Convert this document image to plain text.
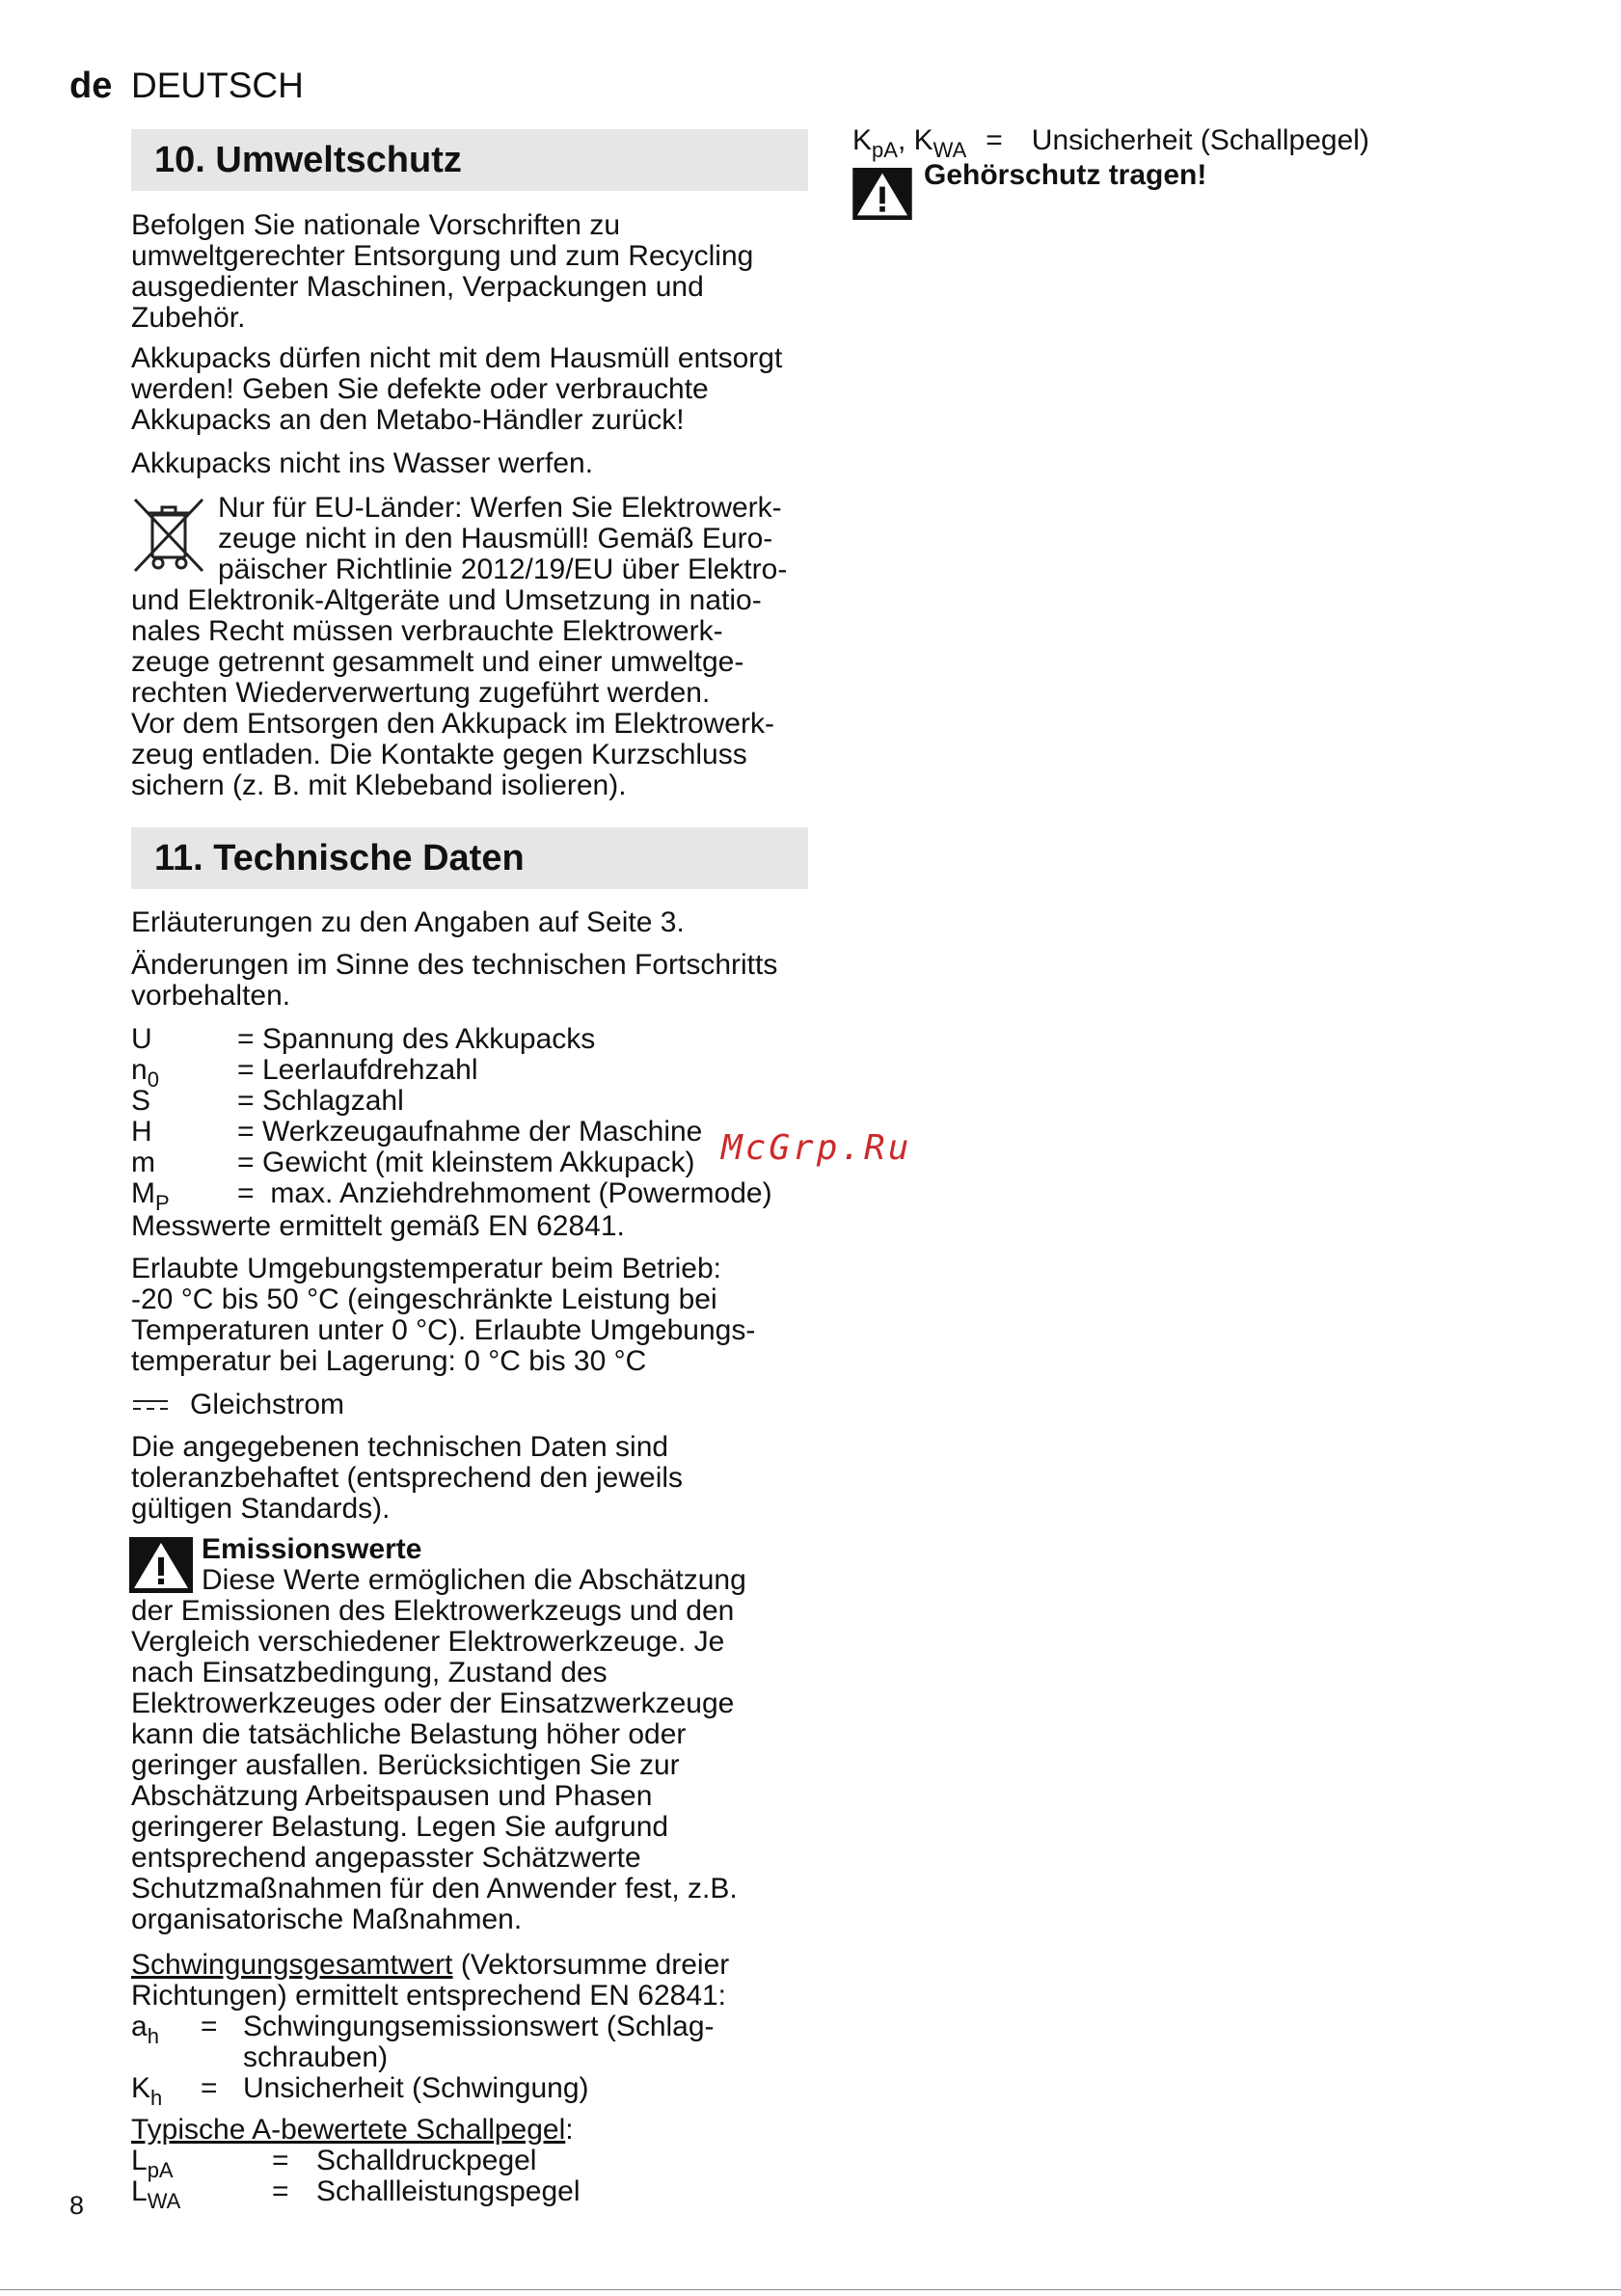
de DEUTSCH
10. Umweltschutz
Befolgen Sie nationale Vorschriften zu
umweltgerechter Entsorgung und zum Recycling
ausgedienter Maschinen, Verpackungen und
Zubehör.
Akkupacks dürfen nicht mit dem Hausmüll entsorgt
werden! Geben Sie defekte oder verbrauchte
Akkupacks an den Metabo-Händler zurück!
Akkupacks nicht ins Wasser werfen.
Nur für EU-Länder: Werfen Sie Elektrowerk-
zeuge nicht in den Hausmüll! Gemäß Euro-
päischer Richtlinie 2012/19/EU über Elektro-
und Elektronik-Altgeräte und Umsetzung in natio-
nales Recht müssen verbrauchte Elektrowerk-
zeuge getrennt gesammelt und einer umweltge-
rechten Wiederverwertung zugeführt werden.
Vor dem Entsorgen den Akkupack im Elektrowerk-
zeug entladen. Die Kontakte gegen Kurzschluss
sichern (z. B. mit Klebeband isolieren).
11. Technische Daten
Erläuterungen zu den Angaben auf Seite 3.
Änderungen im Sinne des technischen Fortschritts
vorbehalten.
U	= Spannung des Akkupacks
$n_0$	= Leerlaufdrehzahl
S	= Schlagzahl
H	= Werkzeugaufnahme der Maschine
m	= Gewicht (mit kleinstem Akkupack)
$M_P$	= max. Anziehdrehmoment (Powermode)
Messwerte ermittelt gemäß EN 62841.
Erlaubte Umgebungstemperatur beim Betrieb:
-20 °C bis 50 °C (eingeschränkte Leistung bei
Temperaturen unter 0 °C). Erlaubte Umgebungs-
temperatur bei Lagerung: 0 °C bis 30 °C
Gleichstrom
Die angegebenen technischen Daten sind
toleranzbehaftet (entsprechend den jeweils
gültigen Standards).
Emissionswerte
Diese Werte ermöglichen die Abschätzung
der Emissionen des Elektrowerkzeugs und den
Vergleich verschiedener Elektrowerkzeuge. Je
nach Einsatzbedingung, Zustand des
Elektrowerkzeuges oder der Einsatzwerkzeuge
kann die tatsächliche Belastung höher oder
geringer ausfallen. Berücksichtigen Sie zur
Abschätzung Arbeitspausen und Phasen
geringerer Belastung. Legen Sie aufgrund
entsprechend angepasster Schätzwerte
Schutzmaßnahmen für den Anwender fest, z.B.
organisatorische Maßnahmen.
Schwingungsgesamtwert (Vektorsumme dreier
Richtungen) ermittelt entsprechend EN 62841:
$a_h$	= Schwingungsemissionswert (Schlag-
schrauben)
$K_h$	= Unsicherheit (Schwingung)
Typische A-bewertete Schallpegel:
$L_{pA}$	= Schalldruckpegel
$L_{WA}$	= Schallleistungspegel
$K_{pA}$, $K_{WA}$ = Unsicherheit (Schallpegel)
Gehörschutz tragen!
McGrp.Ru
8
